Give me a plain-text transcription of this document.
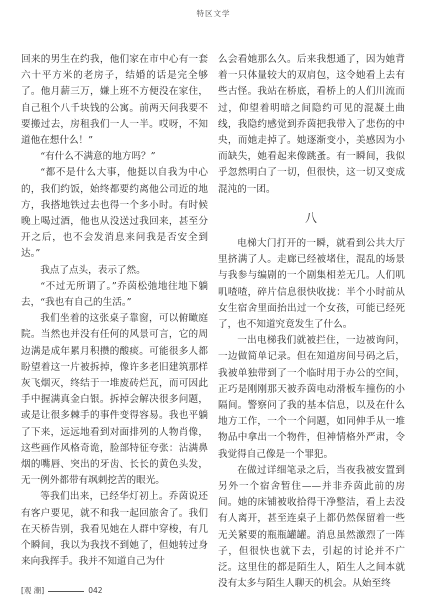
特区文学

回来的男生在约我，他们家在市中心有一套六十平方米的老房子，结婚的话是完全够了。他月薪三万，嫌上班不方便没在家住，自己租个八千块钱的公寓。前两天问我要不要搬过去，房租我们一人一半。哎呀，不知道他在想什么！”

“有什么不满意的地方吗？”

“都不是什么大事，他挺以自我为中心的，我们约饭，始终都要约离他公司近的地方，我搭地铁过去也得一个多小时。有时候晚上喝过酒，他也从没送过我回来，甚至分开之后，也不会发消息来问我是否安全到达。”

我点了点头，表示了然。

“不过无所谓了。”乔茵松弛地往地下躺去，“我也有自己的生活。”

我们坐着的这张桌子靠窗，可以俯瞰庭院。当然也并没有任何的风景可言，它的周边满是成年累月积攒的酸痰。可能很多人都盼望着这一片被拆掉，像许多老旧建筑那样灰飞烟灭，终结于一堆废砖烂瓦，而可因此手中握满真金白银。拆掉会解决很多问题，或是让很多棘手的事件变得容易。我也平躺了下来，远远地看到对面排列的人物肖像，这些画作风格奇诡，脸部特征夸张：沾满鼻烟的嘴唇、突出的牙齿、长长的黄色头发，无一例外都带有飒刺挖苦的眼光。

等我们出来，已经华灯初上。乔茵说还有客户要见，就不和我一起回旅舍了。我们在天桥告别，我看见她在人群中穿梭，有几个瞬间，我以为我找不到她了，但她转过身来向我挥手。我并不知道自己为什

么会看她那么久。后来我想通了，因为她背着一只体量较大的双肩包，这令她看上去有些古怪。我站在桥底，看桥上的人们川流而过，仰望着明暗之间隐约可见的混凝土曲线，我隐约感觉到乔茵把我带入了悲伤的中央，而她走掉了。她逐渐变小，美感因为小而缺失，她看起来像跳蚤。有一瞬间，我似乎忽然明白了一切，但很快，这一切又变成混沌的一团。

八

电梯大门打开的一瞬，就看到公共大厅里挤满了人。走廊已经被堵住，混乱的场景与我参与编剧的一个剧集相差无几。人们叽叽喳喳，碎片信息很快收拢：半个小时前从女生宿舍里面抬出过一个女孩，可能已经死了，也不知道究竟发生了什么。

一出电梯我们就被拦住，一边被询问，一边做简单记录。但在知道房间号码之后，我被单独带到了一个临时用于办公的空间，正巧是刚刚那天被乔茵电动滑板车撞伤的小隔间。警察问了我的基本信息，以及在什么地方工作，一个一个问题，如同伸手从一堆物品中拿出一个物件，但神情格外严肃，令我觉得自己像是一个罪犯。

在做过详细笔录之后，当夜我被安置到另外一个宿舍暂住——并非乔茵此前的房间。她的床铺被收拾得干净整洁，看上去没有人离开，甚至连桌子上都仍然保留着一些无关紧要的瓶瓶罐罐。消息虽然激烈了一阵子，但很快也就下去，引起的讨论并不广泛。这里住的都是陌生人，陌生人之间本就没有太多与陌生人聊天的机会。从始至终

[观 潮]	042
